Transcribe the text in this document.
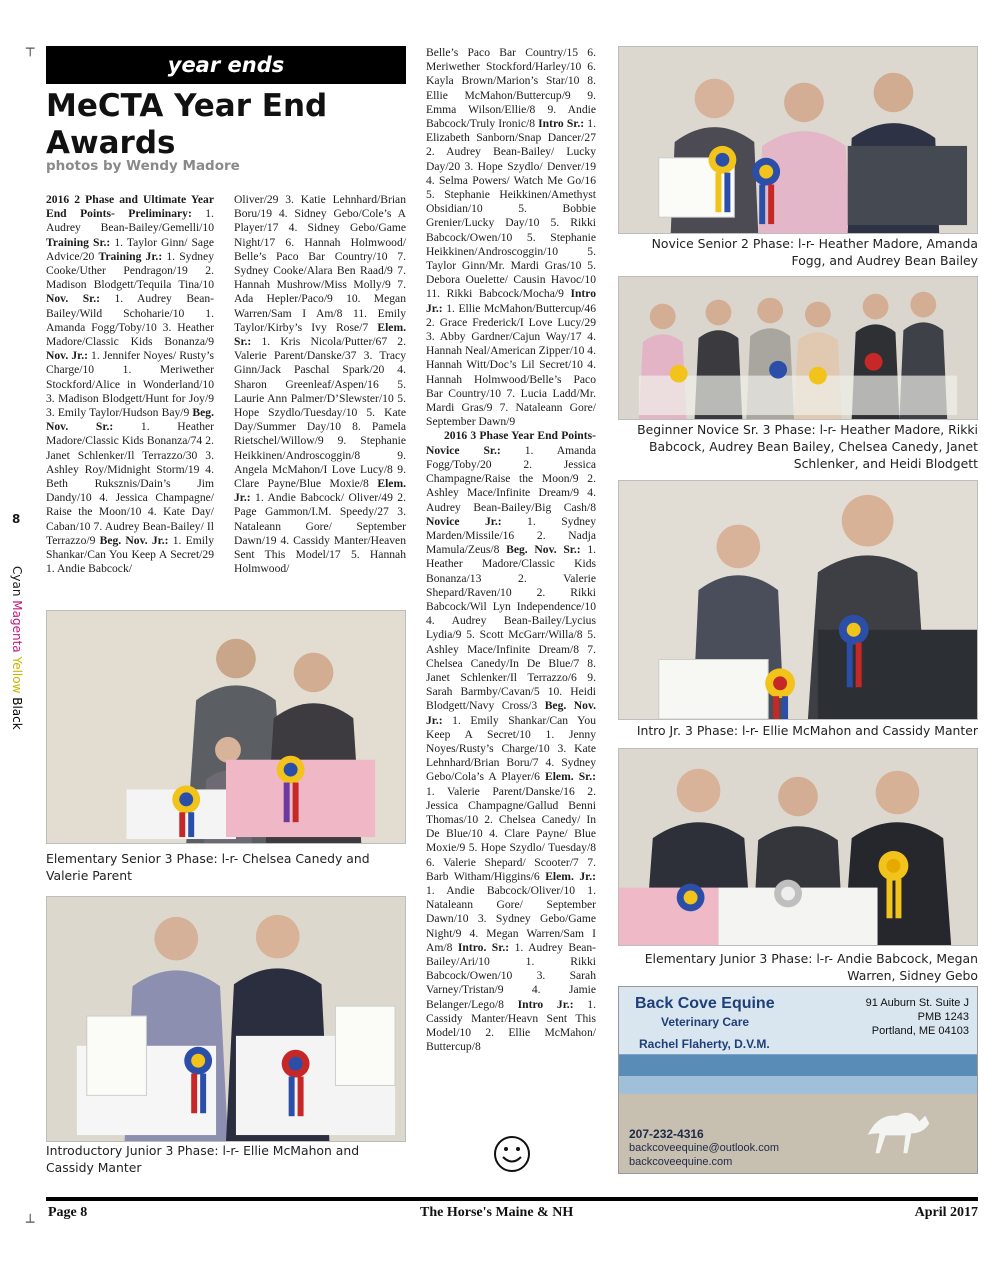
┬
┴
8
Cyan Magenta Yellow Black
year ends
MeCTA Year End Awards
photos by Wendy Madore

2016 2 Phase and Ultimate Year End Points- Preliminary: 1. Audrey Bean-Bailey/Gemelli/10 Training Sr.: 1. Taylor Ginn/ Sage Advice/20 Training Jr.: 1. Sydney Cooke/Uther Pendragon/19 2. Madison Blodgett/Tequila Tina/10 Nov. Sr.: 1. Audrey Bean-Bailey/Wild Schoharie/10 1. Amanda Fogg/Toby/10 3. Heather Madore/Classic Kids Bonanza/9 Nov. Jr.: 1. Jennifer Noyes/ Rusty’s Charge/10 1. Meriwether Stockford/Alice in Wonderland/10 3. Madison Blodgett/Hunt for Joy/9 3. Emily Taylor/Hudson Bay/9 Beg. Nov. Sr.: 1. Heather Madore/Classic Kids Bonanza/74 2. Janet Schlenker/Il Terrazzo/30 3. Ashley Roy/Midnight Storm/19 4. Beth Ruksznis/Dain’s Jim Dandy/10 4. Jessica Champagne/ Raise the Moon/10 4. Kate Day/ Caban/10 7. Audrey Bean-Bailey/ Il Terrazzo/9 Beg. Nov. Jr.: 1. Emily Shankar/Can You Keep A Secret/29 1. Andie Babcock/

Oliver/29 3. Katie Lehnhard/Brian Boru/19 4. Sidney Gebo/Cole’s A Player/17 4. Sidney Gebo/Game Night/17 6. Hannah Holmwood/ Belle’s Paco Bar Country/10 7. Sydney Cooke/Alara Ben Raad/9 7. Hannah Mushrow/Miss Molly/9 7. Ada Hepler/Paco/9 10. Megan Warren/Sam I Am/8 11. Emily Taylor/Kirby’s Ivy Rose/7 Elem. Sr.: 1. Kris Nicola/Putter/67 2. Valerie Parent/Danske/37 3. Tracy Ginn/Jack Paschal Spark/20 4. Sharon Greenleaf/Aspen/16 5. Laurie Ann Palmer/D’Slewster/10 5. Hope Szydlo/Tuesday/10 5. Kate Day/Summer Day/10 8. Pamela Rietschel/Willow/9 9. Stephanie Heikkinen/Androscoggin/8 9. Angela McMahon/I Love Lucy/8 9. Clare Payne/Blue Moxie/8 Elem. Jr.: 1. Andie Babcock/ Oliver/49 2. Page Gammon/I.M. Speedy/27 3. Nataleann Gore/ September Dawn/19 4. Cassidy Manter/Heaven Sent This Model/17 5. Hannah Holmwood/

Belle’s Paco Bar Country/15 6. Meriwether Stockford/Harley/10 6. Kayla Brown/Marion’s Star/10 8. Ellie McMahon/Buttercup/9 9. Emma Wilson/Ellie/8 9. Andie Babcock/Truly Ironic/8 Intro Sr.: 1. Elizabeth Sanborn/Snap Dancer/27 2. Audrey Bean-Bailey/ Lucky Day/20 3. Hope Szydlo/ Denver/19 4. Selma Powers/ Watch Me Go/16 5. Stephanie Heikkinen/Amethyst Obsidian/10 5. Bobbie Grenier/Lucky Day/10 5. Rikki Babcock/Owen/10 5. Stephanie Heikkinen/Androscoggin/10 5. Taylor Ginn/Mr. Mardi Gras/10 5. Debora Ouelette/ Causin Havoc/10 11. Rikki Babcock/Mocha/9 Intro Jr.: 1. Ellie McMahon/Buttercup/46 2. Grace Frederick/I Love Lucy/29 3. Abby Gardner/Cajun Way/17 4. Hannah Neal/American Zipper/10 4. Hannah Witt/Doc’s Lil Secret/10 4. Hannah Holmwood/Belle’s Paco Bar Country/10 7. Lucia Ladd/Mr. Mardi Gras/9 7. Nataleann Gore/ September Dawn/9

2016 3 Phase Year End Points- Novice Sr.: 1. Amanda Fogg/Toby/20 2. Jessica Champagne/Raise the Moon/9 2. Ashley Mace/Infinite Dream/9 4. Audrey Bean-Bailey/Big Cash/8 Novice Jr.: 1. Sydney Marden/Missile/16 2. Nadja Mamula/Zeus/8 Beg. Nov. Sr.: 1. Heather Madore/Classic Kids Bonanza/13 2. Valerie Shepard/Raven/10 2. Rikki Babcock/Wil Lyn Independence/10 4. Audrey Bean-Bailey/Lycius Lydia/9 5. Scott McGarr/Willa/8 5. Ashley Mace/Infinite Dream/8 7. Chelsea Canedy/In De Blue/7 8. Janet Schlenker/Il Terrazzo/6 9. Sarah Barmby/Cavan/5 10. Heidi Blodgett/Navy Cross/3 Beg. Nov. Jr.: 1. Emily Shankar/Can You Keep A Secret/10 1. Jenny Noyes/Rusty’s Charge/10 3. Kate Lehnhard/Brian Boru/7 4. Sydney Gebo/Cola’s A Player/6 Elem. Sr.: 1. Valerie Parent/Danske/16 2. Jessica Champagne/Gallud Benni Thomas/10 2. Chelsea Canedy/ In De Blue/10 4. Clare Payne/ Blue Moxie/9 5. Hope Szydlo/ Tuesday/8 6. Valerie Shepard/ Scooter/7 7. Barb Witham/Higgins/6 Elem. Jr.: 1. Andie Babcock/Oliver/10 1. Nataleann Gore/ September Dawn/10 3. Sydney Gebo/Game Night/9 4. Megan Warren/Sam I Am/8 Intro. Sr.: 1. Audrey Bean-Bailey/Ari/10 1. Rikki Babcock/Owen/10 3. Sarah Varney/Tristan/9 4. Jamie Belanger/Lego/8 Intro Jr.: 1. Cassidy Manter/Heavn Sent This Model/10 2. Ellie McMahon/ Buttercup/8

Elementary Senior 3 Phase: l-r- Chelsea Canedy and Valerie Parent
Introductory Junior 3 Phase: l-r- Ellie McMahon and Cassidy Manter
Novice Senior 2 Phase: l-r- Heather Madore, Amanda Fogg, and Audrey Bean Bailey
Beginner Novice Sr. 3 Phase: l-r- Heather Madore, Rikki Babcock, Audrey Bean Bailey, Chelsea Canedy, Janet Schlenker, and Heidi Blodgett
Intro Jr. 3 Phase: l-r- Ellie McMahon and Cassidy Manter
Elementary Junior 3 Phase: l-r- Andie Babcock, Megan Warren, Sidney Gebo
Back Cove Equine
Veterinary Care
Rachel Flaherty, D.V.M.
91 Auburn St. Suite J
PMB 1243
Portland, ME 04103
207-232-4316
backcoveequine@outlook.com
backcoveequine.com
Page 8	The Horse's Maine & NH	April 2017
